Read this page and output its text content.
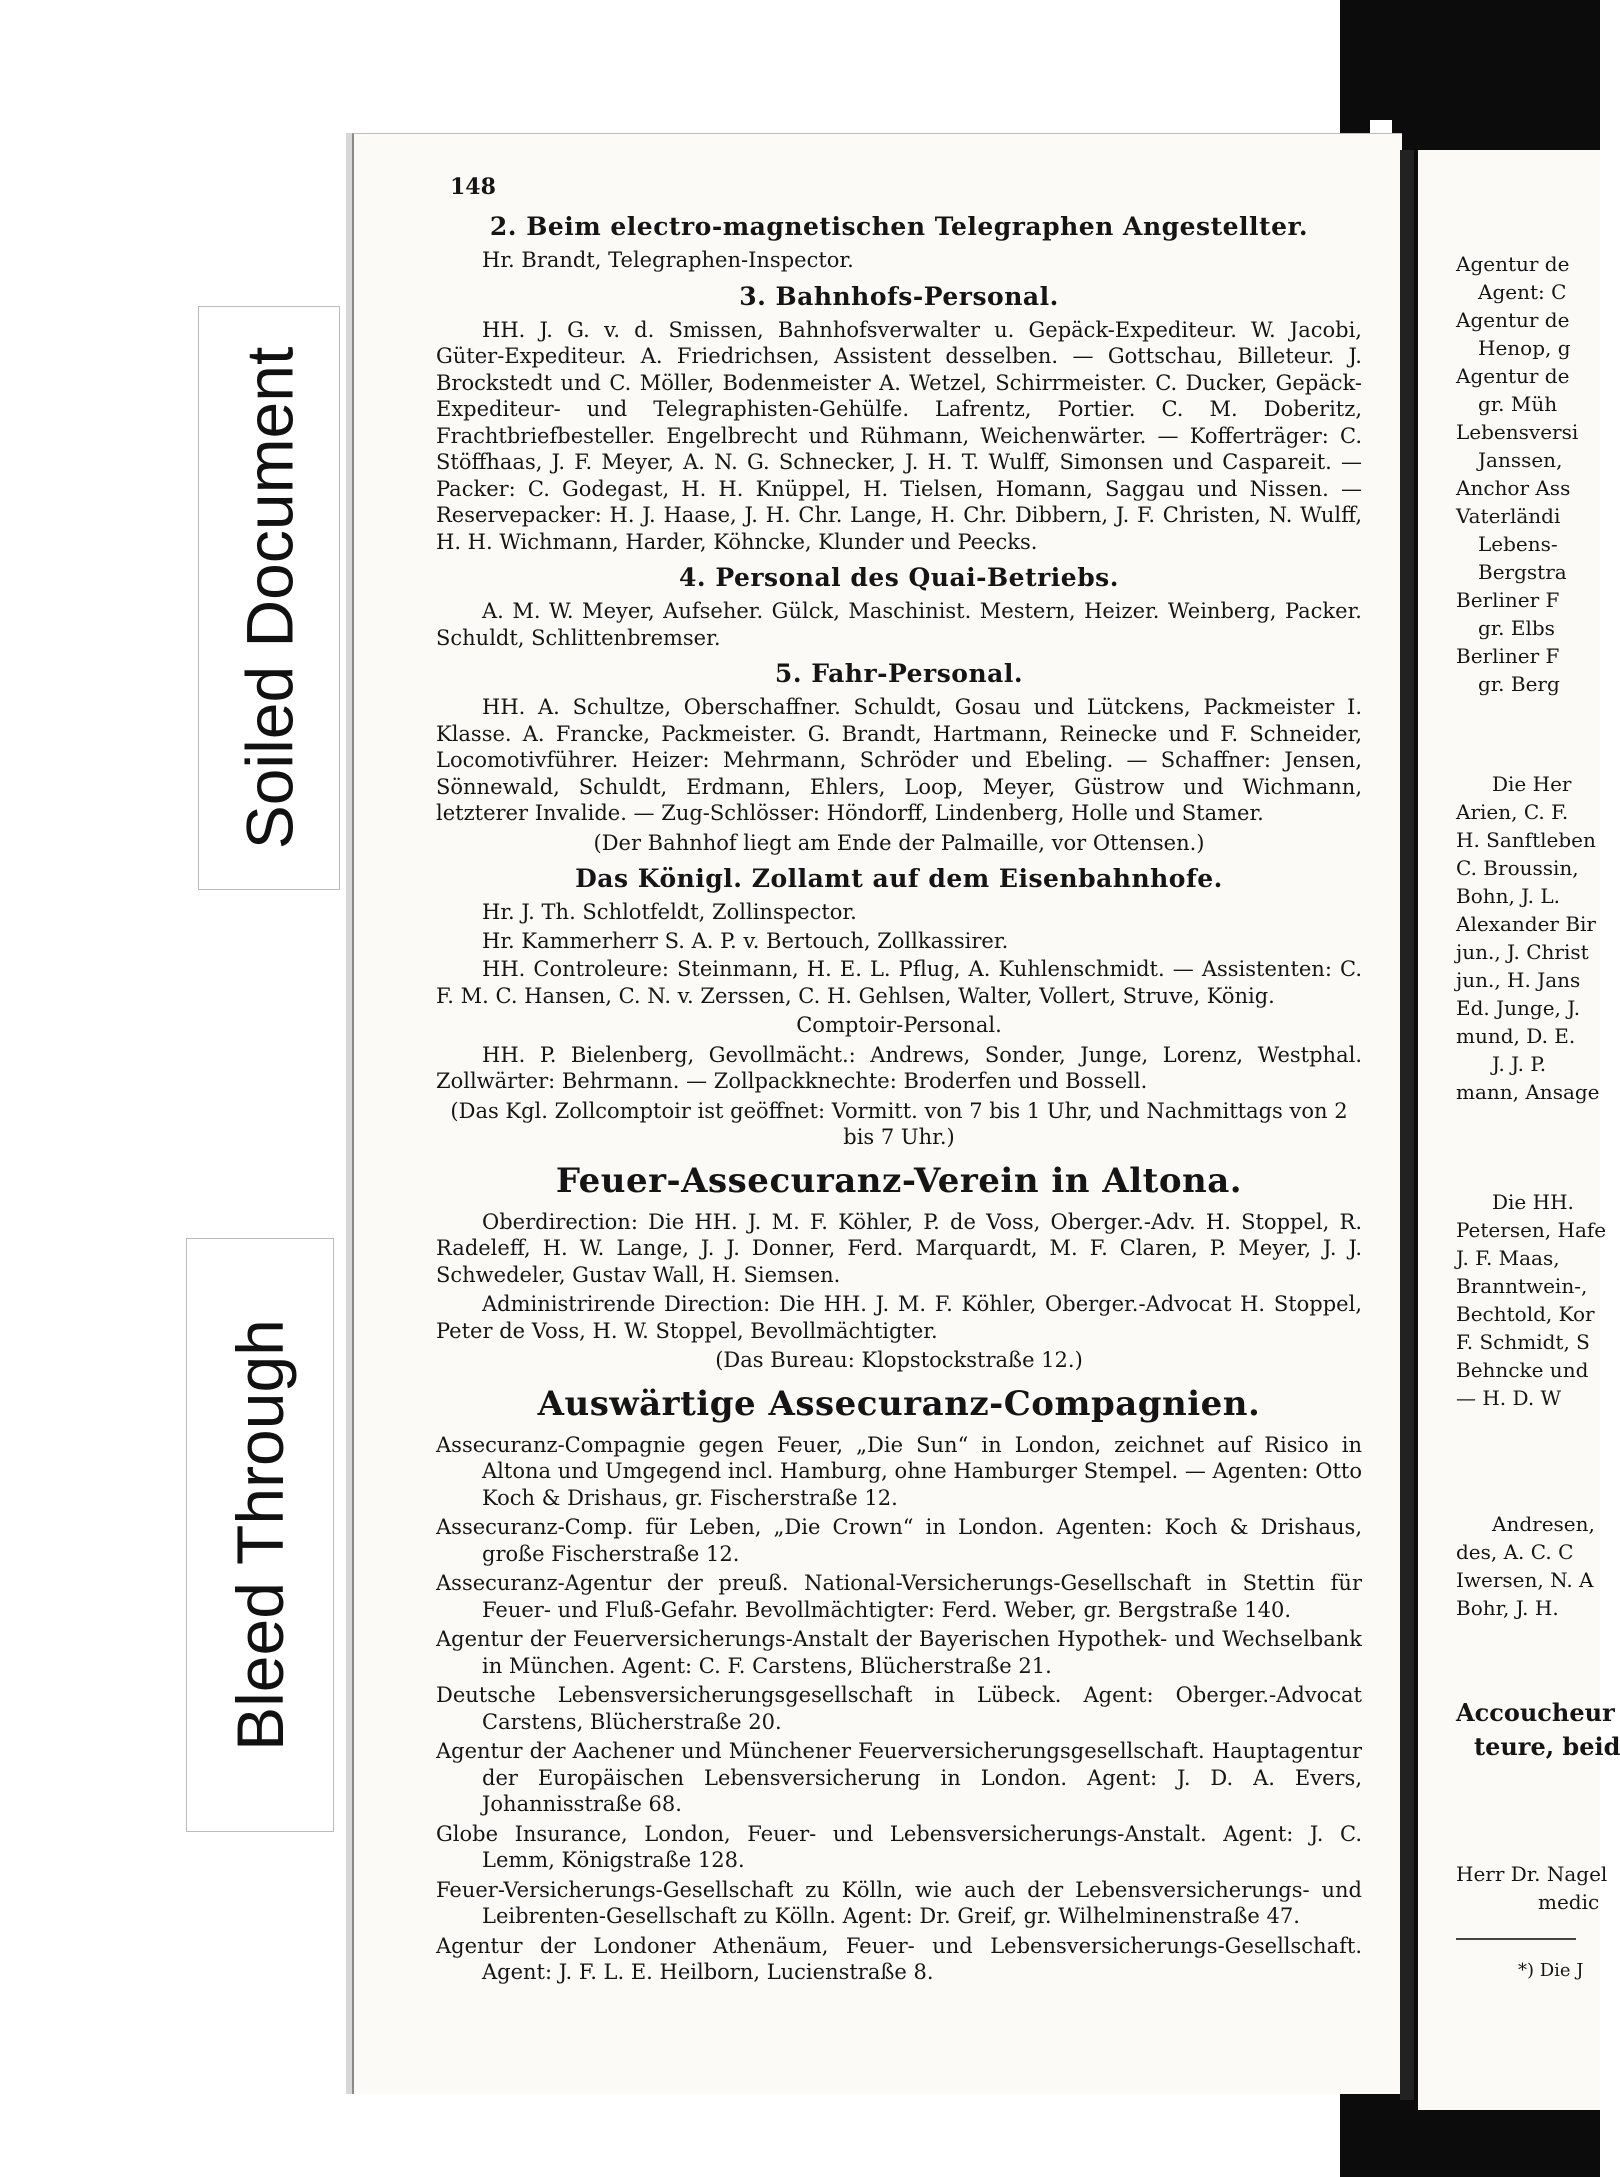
Soiled Document
Bleed Through
148
2. Beim electro-magnetischen Telegraphen Angestellter.
Hr. Brandt, Telegraphen-Inspector.
3. Bahnhofs-Personal.

HH. J. G. v. d. Smissen, Bahnhofsverwalter u. Gepäck-Expediteur. W. Jacobi, Güter-Expediteur. A. Friedrichsen, Assistent desselben. — Gottschau, Billeteur. J. Brockstedt und C. Möller, Bodenmeister A. Wetzel, Schirrmeister. C. Ducker, Gepäck-Expediteur- und Telegraphisten-Gehülfe. Lafrentz, Portier. C. M. Doberitz, Frachtbriefbesteller. Engelbrecht und Rühmann, Weichenwärter. — Kofferträger: C. Stöffhaas, J. F. Meyer, A. N. G. Schnecker, J. H. T. Wulff, Simonsen und Caspareit. — Packer: C. Godegast, H. H. Knüppel, H. Tielsen, Homann, Saggau und Nissen. — Reservepacker: H. J. Haase, J. H. Chr. Lange, H. Chr. Dibbern, J. F. Christen, N. Wulff, H. H. Wichmann, Harder, Köhncke, Klunder und Peecks.

4. Personal des Quai-Betriebs.

A. M. W. Meyer, Aufseher. Gülck, Maschinist. Mestern, Heizer. Weinberg, Packer. Schuldt, Schlittenbremser.

5. Fahr-Personal.

HH. A. Schultze, Oberschaffner. Schuldt, Gosau und Lütckens, Packmeister I. Klasse. A. Francke, Packmeister. G. Brandt, Hartmann, Reinecke und F. Schneider, Locomotivführer. Heizer: Mehrmann, Schröder und Ebeling. — Schaffner: Jensen, Sönnewald, Schuldt, Erdmann, Ehlers, Loop, Meyer, Güstrow und Wichmann, letzterer Invalide. — Zug-Schlösser: Höndorff, Lindenberg, Holle und Stamer.

(Der Bahnhof liegt am Ende der Palmaille, vor Ottensen.)

Das Königl. Zollamt auf dem Eisenbahnhofe.
Hr. J. Th. Schlotfeldt, Zollinspector.
Hr. Kammerherr S. A. P. v. Bertouch, Zollkassirer.

HH. Controleure: Steinmann, H. E. L. Pflug, A. Kuhlenschmidt. — Assistenten: C. F. M. C. Hansen, C. N. v. Zerssen, C. H. Gehlsen, Walter, Vollert, Struve, König.

Comptoir-Personal.

HH. P. Bielenberg, Gevollmächt.: Andrews, Sonder, Junge, Lorenz, Westphal. Zollwärter: Behrmann. — Zollpackknechte: Broderfen und Bossell.

(Das Kgl. Zollcomptoir ist geöffnet: Vormitt. von 7 bis 1 Uhr, und Nachmittags von 2 bis 7 Uhr.)

Feuer-Assecuranz-Verein in Altona.

Oberdirection: Die HH. J. M. F. Köhler, P. de Voss, Oberger.-Adv. H. Stoppel, R. Radeleff, H. W. Lange, J. J. Donner, Ferd. Marquardt, M. F. Claren, P. Meyer, J. J. Schwedeler, Gustav Wall, H. Siemsen.

Administrirende Direction: Die HH. J. M. F. Köhler, Oberger.-Advocat H. Stoppel, Peter de Voss, H. W. Stoppel, Bevollmächtigter.

(Das Bureau: Klopstockstraße 12.)

Auswärtige Assecuranz-Compagnien.

Assecuranz-Compagnie gegen Feuer, „Die Sun“ in London, zeichnet auf Risico in Altona und Umgegend incl. Hamburg, ohne Hamburger Stempel. — Agenten: Otto Koch & Drishaus, gr. Fischerstraße 12.

Assecuranz-Comp. für Leben, „Die Crown“ in London. Agenten: Koch & Drishaus, große Fischerstraße 12.

Assecuranz-Agentur der preuß. National-Versicherungs-Gesellschaft in Stettin für Feuer- und Fluß-Gefahr. Bevollmächtigter: Ferd. Weber, gr. Bergstraße 140.

Agentur der Feuerversicherungs-Anstalt der Bayerischen Hypothek- und Wechselbank in München. Agent: C. F. Carstens, Blücherstraße 21.

Deutsche Lebensversicherungsgesellschaft in Lübeck. Agent: Oberger.-Advocat Carstens, Blücherstraße 20.

Agentur der Aachener und Münchener Feuerversicherungsgesellschaft. Hauptagentur der Europäischen Lebensversicherung in London. Agent: J. D. A. Evers, Johannisstraße 68.

Globe Insurance, London, Feuer- und Lebensversicherungs-Anstalt. Agent: J. C. Lemm, Königstraße 128.

Feuer-Versicherungs-Gesellschaft zu Kölln, wie auch der Lebensversicherungs- und Leibrenten-Gesellschaft zu Kölln. Agent: Dr. Greif, gr. Wilhelminenstraße 47.

Agentur der Londoner Athenäum, Feuer- und Lebensversicherungs-Gesellschaft. Agent: J. F. L. E. Heilborn, Lucienstraße 8.

Agentur de
Agent: C
Agentur de
Henop, g
Agentur de
gr. Müh
Lebensversi
Janssen,
Anchor Ass
Vaterländi
Lebens-
Bergstra
Berliner F
gr. Elbs
Berliner F
gr. Berg
Die Her
Arien, C. F.
H. Sanftleben
C. Broussin,
Bohn, J. L.
Alexander Bir
jun., J. Christ
jun., H. Jans
Ed. Junge, J.
mund, D. E.
J. J. P.
mann, Ansage
Die HH.
Petersen, Hafe
J. F. Maas,
Branntwein-,
Bechtold, Kor
F. Schmidt, S
Behncke und
— H. D. W
Andresen,
des, A. C. C
Iwersen, N. A
Bohr, J. H.
Accoucheur
teure, beid
Herr Dr. Nagel
medic
*) Die J
